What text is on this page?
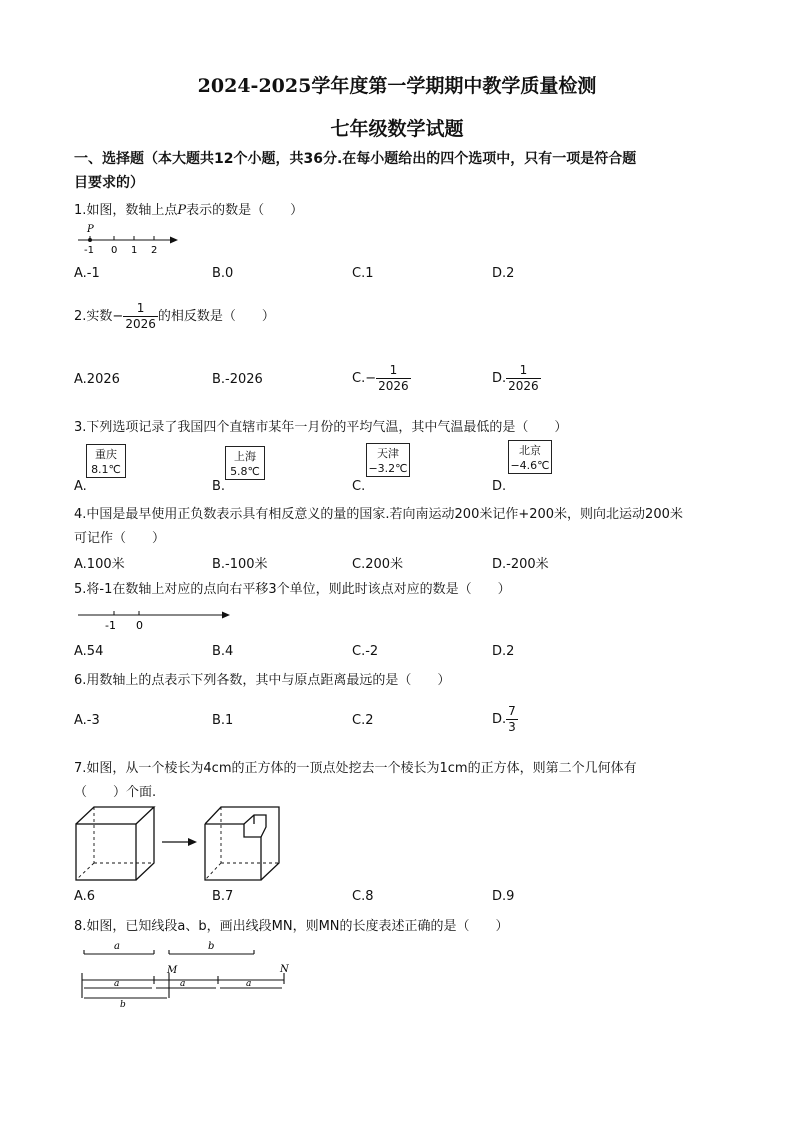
2024-2025学年度第一学期期中教学质量检测
七年级数学试题
一、选择题（本大题共12个小题，共36分.在每小题给出的四个选项中，只有一项是符合题
目要求的）
1.如图，数轴上点P表示的数是（　　）
P
-1 0 1 2
A.-1	B.0	C.1	D.2
2.实数− $\frac{1}{2026}$ 的相反数是（　　）
A.2026	B.-2026	$C.- \frac{1}{2026}$	D. $\frac{1}{2026}$
3.下列选项记录了我国四个直辖市某年一月份的平均气温，其中气温最低的是（　　）
A.
重庆
8.1℃
B.
上海
5.8℃
C.
天津
−3.2℃
D.
北京
−4.6℃
4.中国是最早使用正负数表示具有相反意义的量的国家.若向南运动200米记作+200米，则向北运动200米
可记作（　　）
A.100米	B.-100米	C.200米	D.-200米
5.将-1在数轴上对应的点向右平移3个单位，则此时该点对应的数是（　　）
-1 0
A.54	B.4	C.-2	D.2
6.用数轴上的点表示下列各数，其中与原点距离最远的是（　　）
A.-3	B.1	C.2	D. $\frac{7}{3}$
7.如图，从一个棱长为4cm的正方体的一顶点处挖去一个棱长为1cm的正方体，则第二个几何体有
（　　）个面.
A.6	B.7	C.8	D.9
8.如图，已知线段a、b，画出线段MN，则MN的长度表述正确的是（　　）
a	b
M	N
a	a	a
b
